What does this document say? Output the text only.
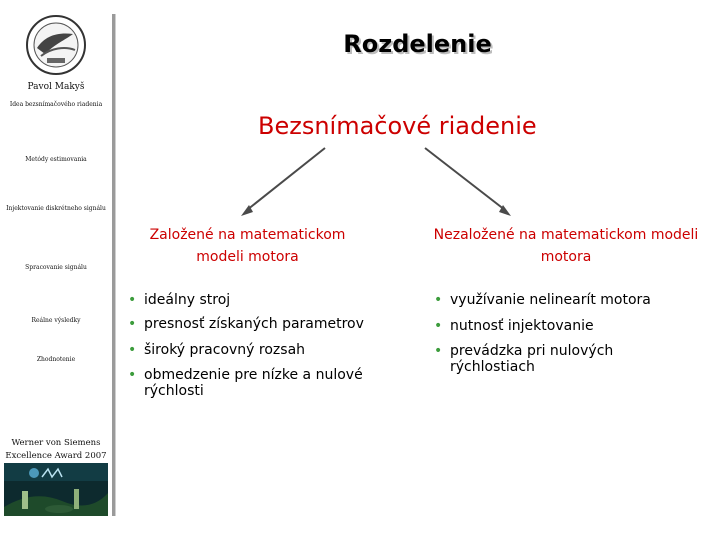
Pavol Makyš
Idea bezsnímačového riadenia
Metódy estimovania
Injektovanie diskrétneho signálu
Spracovanie signálu
Reálne výsledky
Zhodnotenie
Werner von Siemens
Excellence Award 2007
Rozdelenie
Bezsnímačové riadenie
Založené na matematickom modeli motora
Nezaložené na matematickom modeli motora
• ideálny stroj
• presnosť získaných parametrov
• široký pracovný rozsah
• obmedzenie pre nízke a nulové rýchlosti
• využívanie nelinearít motora
• nutnosť injektovanie
• prevádzka pri nulových rýchlostiach
